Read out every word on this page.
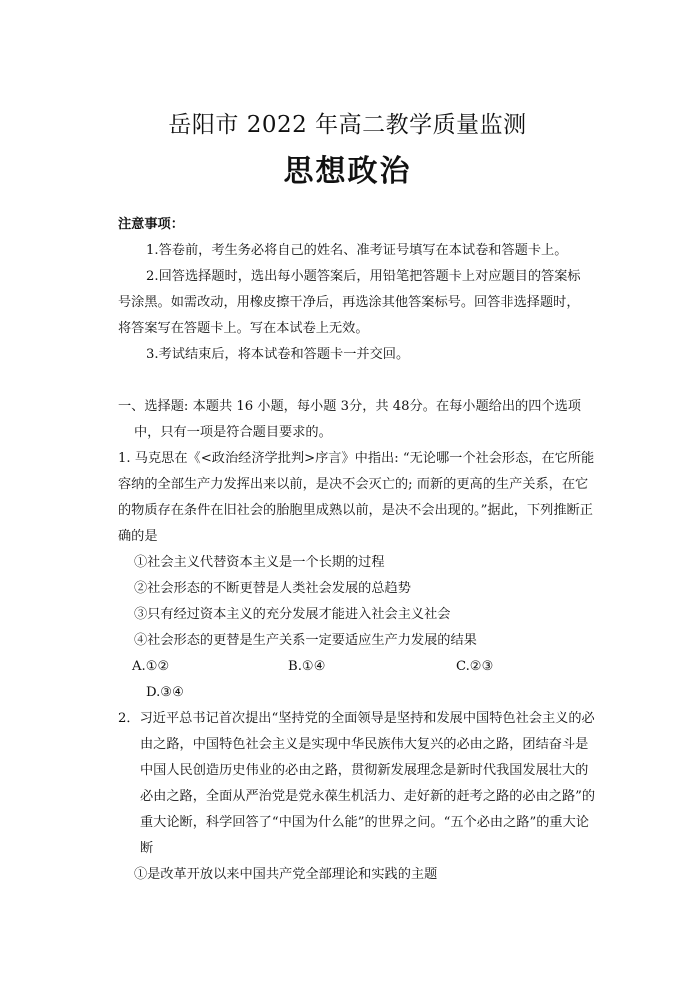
岳阳市 2022 年高二教学质量监测
思想政治
注意事项：
1.答卷前，考生务必将自己的姓名、准考证号填写在本试卷和答题卡上。
2.回答选择题时，选出每小题答案后，用铅笔把答题卡上对应题目的答案标号涂黑。如需改动，用橡皮擦干净后，再选涂其他答案标号。回答非选择题时，将答案写在答题卡上。写在本试卷上无效。
3.考试结束后，将本试卷和答题卡一并交回。
一、选择题: 本题共 16 小题，每小题 3分，共 48分。在每小题给出的四个选项中，只有一项是符合题目要求的。
1. 马克思在《<政治经济学批判>序言》中指出: “无论哪一个社会形态，在它所能容纳的全部生产力发挥出来以前，是决不会灭亡的; 而新的更高的生产关系，在它的物质存在条件在旧社会的胎胞里成熟以前，是决不会出现的。”据此，下列推断正确的是
①社会主义代替资本主义是一个长期的过程
②社会形态的不断更替是人类社会发展的总趋势
③只有经过资本主义的充分发展才能进入社会主义社会
④社会形态的更替是生产关系一定要适应生产力发展的结果
A.①②	B.①④	C.②③
D.③④
2．习近平总书记首次提出“坚持党的全面领导是坚持和发展中国特色社会主义的必由之路，中国特色社会主义是实现中华民族伟大复兴的必由之路，团结奋斗是中国人民创造历史伟业的必由之路，贯彻新发展理念是新时代我国发展壮大的必由之路，全面从严治党是党永葆生机活力、走好新的赶考之路的必由之路”的重大论断，科学回答了“中国为什么能”的世界之问。“五个必由之路”的重大论断
①是改革开放以来中国共产党全部理论和实践的主题
